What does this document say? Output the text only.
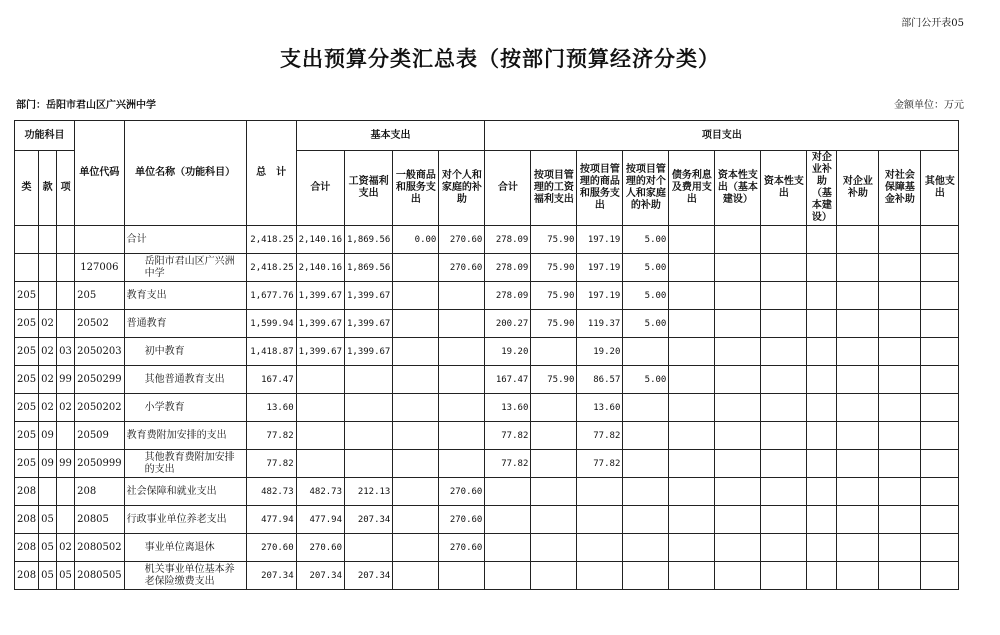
部门公开表05
支出预算分类汇总表（按部门预算经济分类）
部门：岳阳市君山区广兴洲中学	金额单位：万元
功能科目			单位代码	单位名称（功能科目）	总　计	基本支出				项目支出										
类	款	项				合计	工资福利支出	一般商品和服务支出	对个人和家庭的补助	合计	按项目管理的工资福利支出	按项目管理的商品和服务支出	按项目管理的对个人和家庭的补助	债务利息及费用支出	资本性支出（基本建设）	资本性支出	对企业补助（基本建设）	对企业补助	对社会保障基金补助	其他支出
				合计	2,418.25	2,140.16	1,869.56	0.00	270.60	278.09	75.90	197.19	5.00							
			127006	岳阳市君山区广兴洲中学	2,418.25	2,140.16	1,869.56		270.60	278.09	75.90	197.19	5.00							
205			205	教育支出	1,677.76	1,399.67	1,399.67			278.09	75.90	197.19	5.00							
205	02		20502	普通教育	1,599.94	1,399.67	1,399.67			200.27	75.90	119.37	5.00							
205	02	03	2050203	初中教育	1,418.87	1,399.67	1,399.67			19.20		19.20								
205	02	99	2050299	其他普通教育支出	167.47					167.47	75.90	86.57	5.00							
205	02	02	2050202	小学教育	13.60					13.60		13.60								
205	09		20509	教育费附加安排的支出	77.82					77.82		77.82								
205	09	99	2050999	其他教育费附加安排的支出	77.82					77.82		77.82								
208			208	社会保障和就业支出	482.73	482.73	212.13		270.60											
208	05		20805	行政事业单位养老支出	477.94	477.94	207.34		270.60											
208	05	02	2080502	事业单位离退休	270.60	270.60			270.60											
208	05	05	2080505	机关事业单位基本养老保险缴费支出	207.34	207.34	207.34													
